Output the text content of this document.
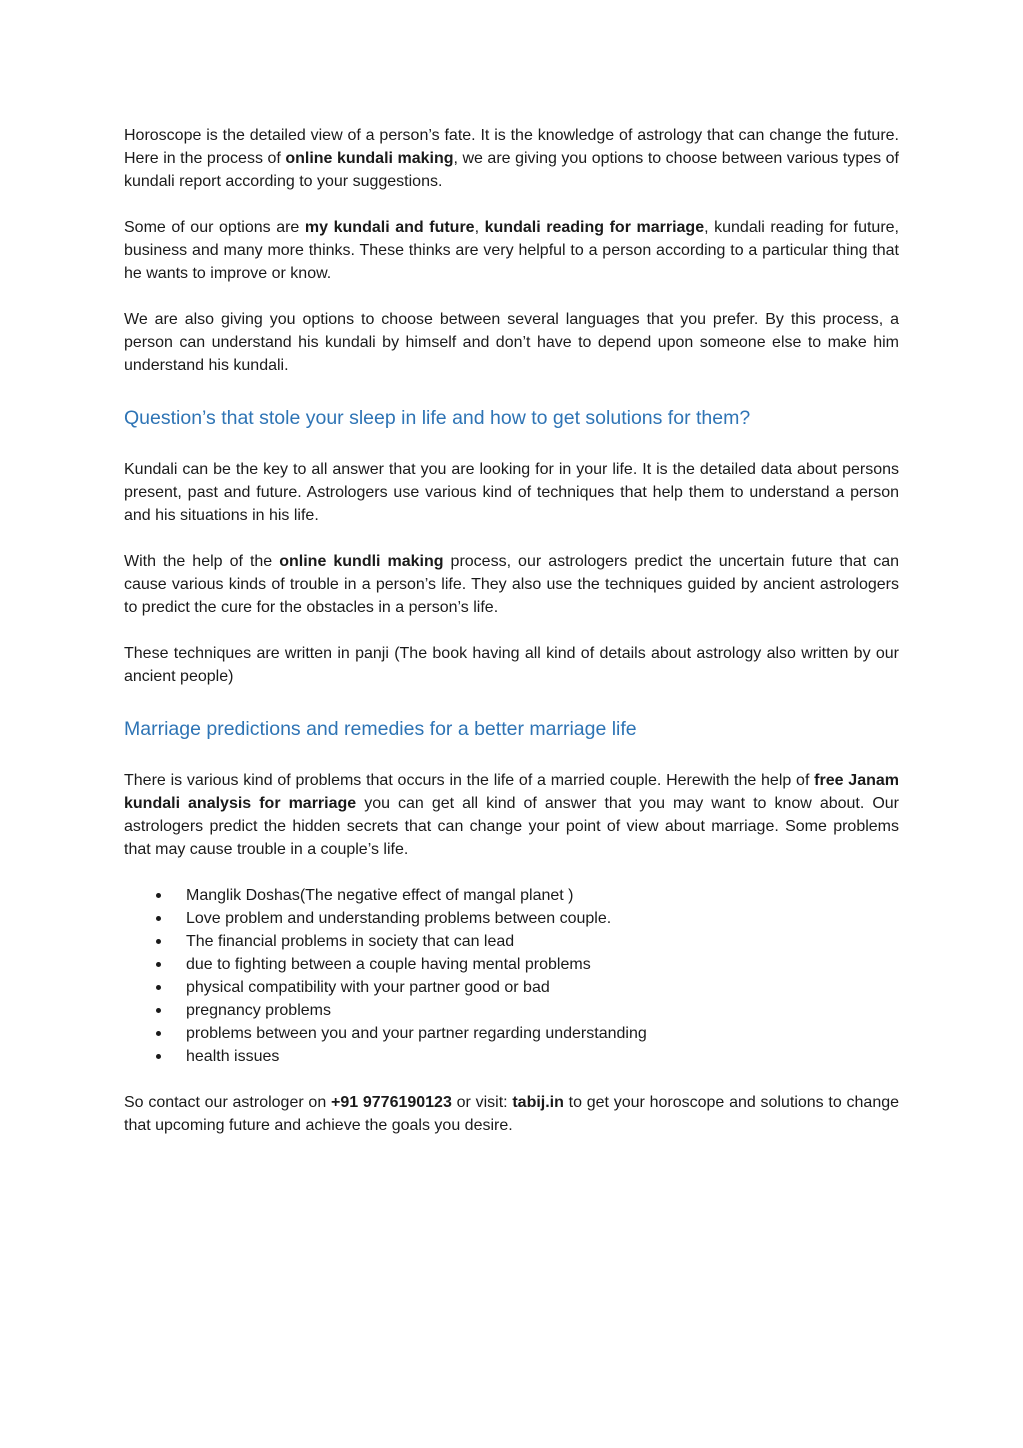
Horoscope is the detailed view of a person’s fate. It is the knowledge of astrology that can change the future. Here in the process of online kundali making, we are giving you options to choose between various types of kundali report according to your suggestions.

Some of our options are my kundali and future, kundali reading for marriage, kundali reading for future, business and many more thinks. These thinks are very helpful to a person according to a particular thing that he wants to improve or know.

We are also giving you options to choose between several languages that you prefer. By this process, a person can understand his kundali by himself and don’t have to depend upon someone else to make him understand his kundali.

Question’s that stole your sleep in life and how to get solutions for them?

Kundali can be the key to all answer that you are looking for in your life. It is the detailed data about persons present, past and future. Astrologers use various kind of techniques that help them to understand a person and his situations in his life.

With the help of the online kundli making process, our astrologers predict the uncertain future that can cause various kinds of trouble in a person’s life. They also use the techniques guided by ancient astrologers to predict the cure for the obstacles in a person’s life.

These techniques are written in panji (The book having all kind of details about astrology also written by our ancient people)

Marriage predictions and remedies for a better marriage life

There is various kind of problems that occurs in the life of a married couple. Herewith the help of free Janam kundali analysis for marriage you can get all kind of answer that you may want to know about. Our astrologers predict the hidden secrets that can change your point of view about marriage. Some problems that may cause trouble in a couple’s life.

Manglik Doshas(The negative effect of mangal planet )
Love problem and understanding problems between couple.
The financial problems in society that can lead
due to fighting between a couple having mental problems
physical compatibility with your partner good or bad
pregnancy problems
problems between you and your partner regarding understanding
health issues

So contact our astrologer on +91 9776190123 or visit: tabij.in to get your horoscope and solutions to change that upcoming future and achieve the goals you desire.
